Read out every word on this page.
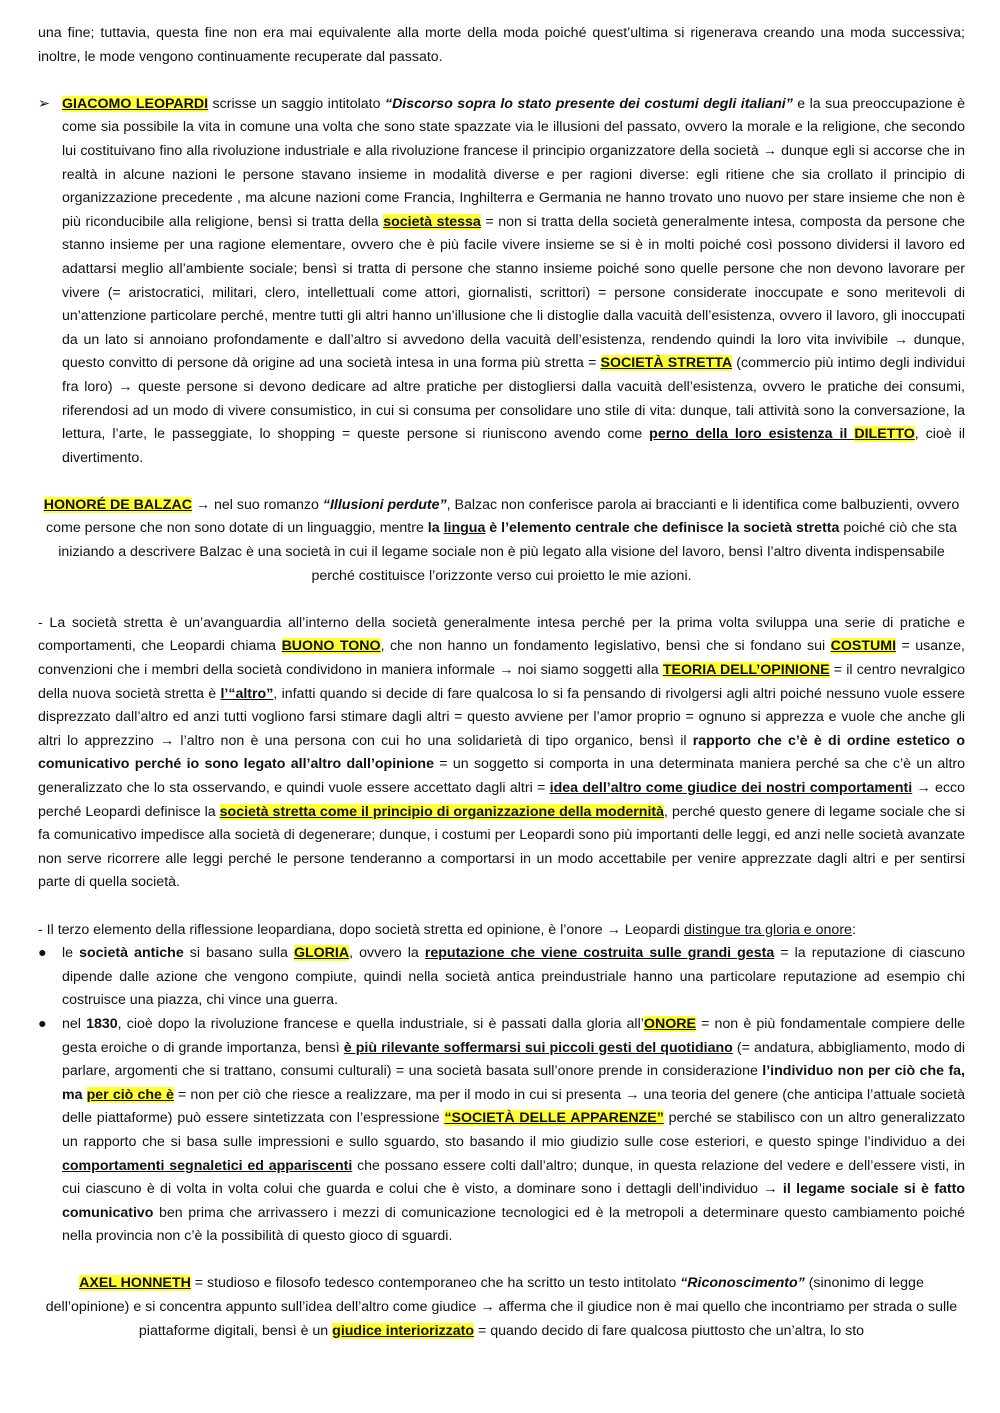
una fine; tuttavia, questa fine non era mai equivalente alla morte della moda poiché quest’ultima si rigenerava creando una moda successiva; inoltre, le mode vengono continuamente recuperate dal passato.

➢ GIACOMO LEOPARDI scrisse un saggio intitolato “Discorso sopra lo stato presente dei costumi degli italiani” e la sua preoccupazione è come sia possibile la vita in comune una volta che sono state spazzate via le illusioni del passato, ovvero la morale e la religione, che secondo lui costituivano fino alla rivoluzione industriale e alla rivoluzione francese il principio organizzatore della società → dunque egli si accorse che in realtà in alcune nazioni le persone stavano insieme in modalità diverse e per ragioni diverse: egli ritiene che sia crollato il principio di organizzazione precedente , ma alcune nazioni come Francia, Inghilterra e Germania ne hanno trovato uno nuovo per stare insieme che non è più riconducibile alla religione, bensì si tratta della società stessa = non si tratta della società generalmente intesa, composta da persone che stanno insieme per una ragione elementare, ovvero che è più facile vivere insieme se si è in molti poiché così possono dividersi il lavoro ed adattarsi meglio all’ambiente sociale; bensì si tratta di persone che stanno insieme poiché sono quelle persone che non devono lavorare per vivere (= aristocratici, militari, clero, intellettuali come attori, giornalisti, scrittori) = persone considerate inoccupate e sono meritevoli di un’attenzione particolare perché, mentre tutti gli altri hanno un’illusione che li distoglie dalla vacuità dell’esistenza, ovvero il lavoro, gli inoccupati da un lato si annoiano profondamente e dall’altro si avvedono della vacuità dell’esistenza, rendendo quindi la loro vita invivibile → dunque, questo convitto di persone dà origine ad una società intesa in una forma più stretta = SOCIETÀ STRETTA (commercio più intimo degli individui fra loro) → queste persone si devono dedicare ad altre pratiche per distogliersi dalla vacuità dell’esistenza, ovvero le pratiche dei consumi, riferendosi ad un modo di vivere consumistico, in cui si consuma per consolidare uno stile di vita: dunque, tali attività sono la conversazione, la lettura, l’arte, le passeggiate, lo shopping = queste persone si riuniscono avendo come perno della loro esistenza il DILETTO, cioè il divertimento.

HONORÉ DE BALZAC → nel suo romanzo “Illusioni perdute”, Balzac non conferisce parola ai braccianti e li identifica come balbuzienti, ovvero come persone che non sono dotate di un linguaggio, mentre la lingua è l’elemento centrale che definisce la società stretta poiché ciò che sta iniziando a descrivere Balzac è una società in cui il legame sociale non è più legato alla visione del lavoro, bensì l’altro diventa indispensabile perché costituisce l’orizzonte verso cui proietto le mie azioni.

- La società stretta è un’avanguardia all’interno della società generalmente intesa perché per la prima volta sviluppa una serie di pratiche e comportamenti, che Leopardi chiama BUONO TONO, che non hanno un fondamento legislativo, bensì che si fondano sui COSTUMI = usanze, convenzioni che i membri della società condividono in maniera informale → noi siamo soggetti alla TEORIA DELL’OPINIONE = il centro nevralgico della nuova società stretta è l’“altro”, infatti quando si decide di fare qualcosa lo si fa pensando di rivolgersi agli altri poiché nessuno vuole essere disprezzato dall’altro ed anzi tutti vogliono farsi stimare dagli altri = questo avviene per l’amor proprio = ognuno si apprezza e vuole che anche gli altri lo apprezzino → l’altro non è una persona con cui ho una solidarietà di tipo organico, bensì il rapporto che c’è è di ordine estetico o comunicativo perché io sono legato all’altro dall’opinione = un soggetto si comporta in una determinata maniera perché sa che c’è un altro generalizzato che lo sta osservando, e quindi vuole essere accettato dagli altri = idea dell’altro come giudice dei nostri comportamenti → ecco perché Leopardi definisce la società stretta come il principio di organizzazione della modernità, perché questo genere di legame sociale che si fa comunicativo impedisce alla società di degenerare; dunque, i costumi per Leopardi sono più importanti delle leggi, ed anzi nelle società avanzate non serve ricorrere alle leggi perché le persone tenderanno a comportarsi in un modo accettabile per venire apprezzate dagli altri e per sentirsi parte di quella società.

- Il terzo elemento della riflessione leopardiana, dopo società stretta ed opinione, è l’onore → Leopardi distingue tra gloria e onore:

●	le società antiche si basano sulla GLORIA, ovvero la reputazione che viene costruita sulle grandi gesta = la reputazione di ciascuno dipende dalle azione che vengono compiute, quindi nella società antica preindustriale hanno una particolare reputazione ad esempio chi costruisce una piazza, chi vince una guerra.

●	nel 1830, cioè dopo la rivoluzione francese e quella industriale, si è passati dalla gloria all’ONORE = non è più fondamentale compiere delle gesta eroiche o di grande importanza, bensì è più rilevante soffermarsi sui piccoli gesti del quotidiano (= andatura, abbigliamento, modo di parlare, argomenti che si trattano, consumi culturali) = una società basata sull’onore prende in considerazione l’individuo non per ciò che fa, ma per ciò che è = non per ciò che riesce a realizzare, ma per il modo in cui si presenta → una teoria del genere (che anticipa l’attuale società delle piattaforme) può essere sintetizzata con l’espressione “SOCIETÀ DELLE APPARENZE” perché se stabilisco con un altro generalizzato un rapporto che si basa sulle impressioni e sullo sguardo, sto basando il mio giudizio sulle cose esteriori, e questo spinge l’individuo a dei comportamenti segnaletici ed appariscenti che possano essere colti dall’altro; dunque, in questa relazione del vedere e dell’essere visti, in cui ciascuno è di volta in volta colui che guarda e colui che è visto, a dominare sono i dettagli dell’individuo → il legame sociale si è fatto comunicativo ben prima che arrivassero i mezzi di comunicazione tecnologici ed è la metropoli a determinare questo cambiamento poiché nella provincia non c’è la possibilità di questo gioco di sguardi.

AXEL HONNETH = studioso e filosofo tedesco contemporaneo che ha scritto un testo intitolato “Riconoscimento” (sinonimo di legge dell’opinione) e si concentra appunto sull’idea dell’altro come giudice → afferma che il giudice non è mai quello che incontriamo per strada o sulle piattaforme digitali, bensì è un giudice interiorizzato = quando decido di fare qualcosa piuttosto che un’altra, lo sto
